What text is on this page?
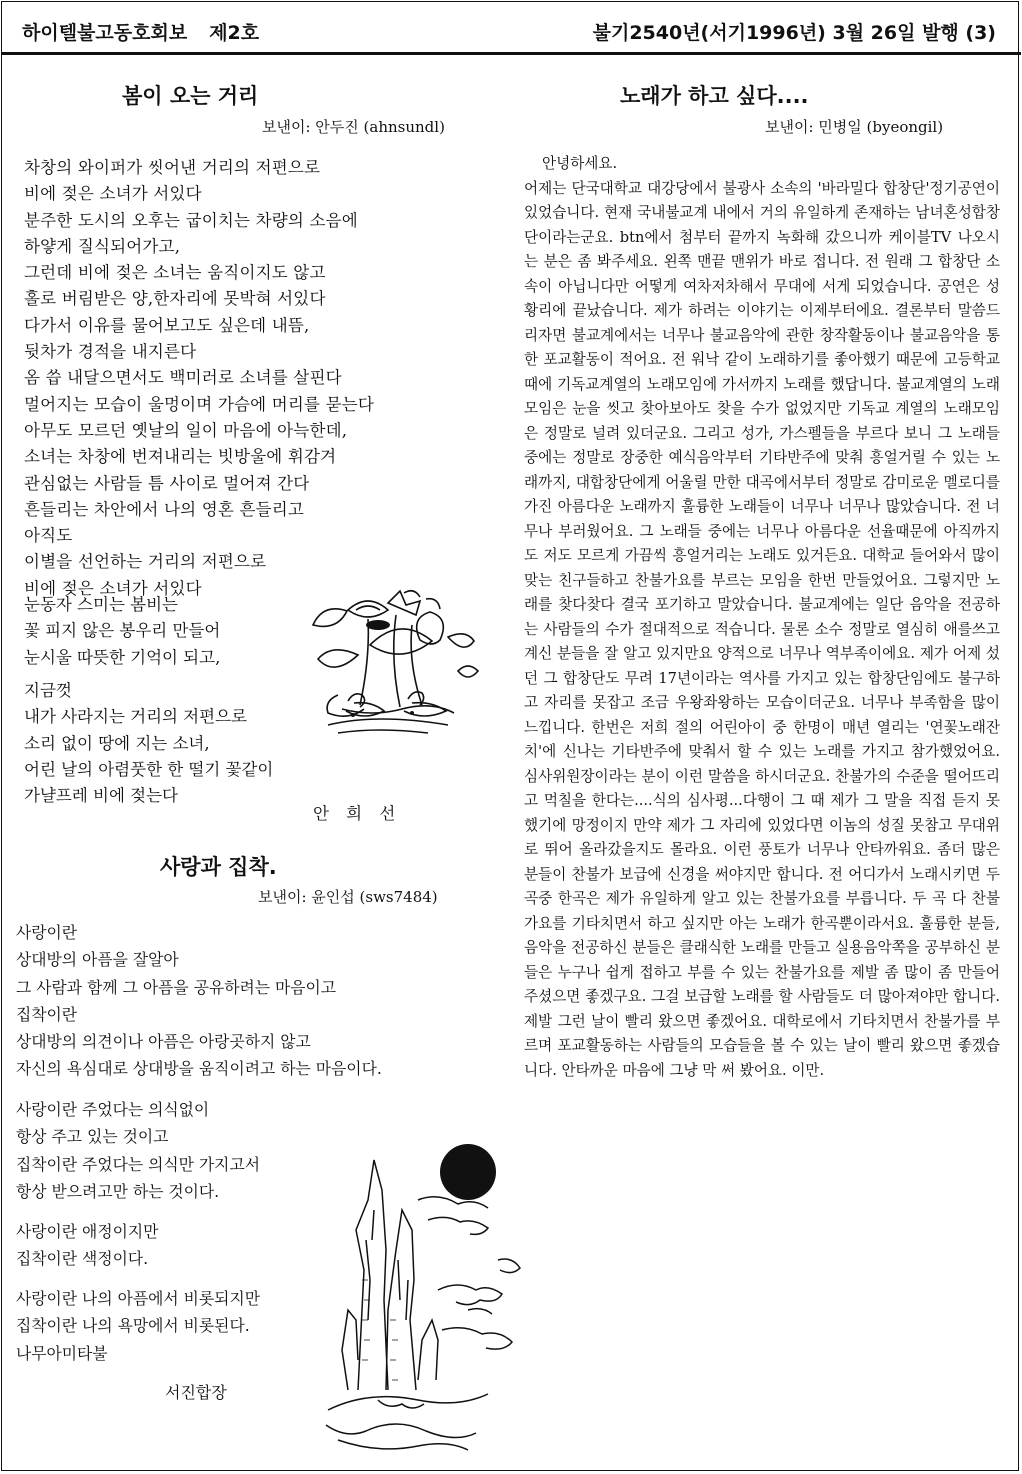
하이텔불고동호회보 제2호	불기2540년(서기1996년) 3월 26일 발행 (3)
봄이 오는 거리
보낸이: 안두진 (ahnsundl)
차창의 와이퍼가 씻어낸 거리의 저편으로
비에 젖은 소녀가 서있다
분주한 도시의 오후는 굽이치는 차량의 소음에
하얗게 질식되어가고,
그런데 비에 젖은 소녀는 움직이지도 않고
홀로 버림받은 양,한자리에 못박혀 서있다
다가서 이유를 물어보고도 싶은데 내뜸,
뒷차가 경적을 내지른다
옴 씁 내달으면서도 백미러로 소녀를 살핀다
멀어지는 모습이 울멍이며 가슴에 머리를 묻는다
아무도 모르던 옛날의 일이 마음에 아늑한데,
소녀는 차창에 번져내리는 빗방울에 휘감겨
관심없는 사람들 틈 사이로 멀어져 간다
흔들리는 차안에서 나의 영혼 흔들리고
아직도
이별을 선언하는 거리의 저편으로
비에 젖은 소녀가 서있다
눈동자 스미는 봄비는
꽃 피지 않은 봉우리 만들어
눈시울 따뜻한 기억이 되고,
지금껏
내가 사라지는 거리의 저편으로
소리 없이 땅에 지는 소녀,
어린 날의 아렴풋한 한 떨기 꽃같이
가냘프레 비에 젖는다
안 희 선
사랑과 집착.
보낸이: 윤인섭 (sws7484)
사랑이란
상대방의 아픔을 잘알아
그 사람과 함께 그 아픔을 공유하려는 마음이고
집착이란
상대방의 의견이나 아픔은 아랑곳하지 않고
자신의 욕심대로 상대방을 움직이려고 하는 마음이다.
사랑이란 주었다는 의식없이
항상 주고 있는 것이고
집착이란 주었다는 의식만 가지고서
항상 받으려고만 하는 것이다.
사랑이란 애정이지만
집착이란 색정이다.
사랑이란 나의 아픔에서 비롯되지만
집착이란 나의 욕망에서 비롯된다.
나무아미타불
서진합장
노래가 하고 싶다....
보낸이: 민병일 (byeongil)

안녕하세요.

어제는 단국대학교 대강당에서 불광사 소속의 '바라밀다 합창단'정기공연이 있었습니다. 현재 국내불교계 내에서 거의 유일하게 존재하는 남녀혼성합창단이라는군요. btn에서 첨부터 끝까지 녹화해 갔으니까 케이블TV 나오시는 분은 좀 봐주세요. 왼쪽 맨끝 맨위가 바로 접니다. 전 원래 그 합창단 소속이 아닙니다만 어떻게 여차저차해서 무대에 서게 되었습니다. 공연은 성황리에 끝났습니다. 제가 하려는 이야기는 이제부터에요. 결론부터 말씀드리자면 불교계에서는 너무나 불교음악에 관한 창작활동이나 불교음악을 통한 포교활동이 적어요. 전 워낙 같이 노래하기를 좋아했기 때문에 고등학교 때에 기독교계열의 노래모임에 가서까지 노래를 했답니다. 불교계열의 노래모임은 눈을 씻고 찾아보아도 찾을 수가 없었지만 기독교 계열의 노래모임은 정말로 널려 있더군요. 그리고 성가, 가스펠들을 부르다 보니 그 노래들 중에는 정말로 장중한 예식음악부터 기타반주에 맞춰 흥얼거릴 수 있는 노래까지, 대합창단에게 어울릴 만한 대곡에서부터 정말로 감미로운 멜로디를 가진 아름다운 노래까지 훌륭한 노래들이 너무나 너무나 많았습니다. 전 너무나 부러웠어요. 그 노래들 중에는 너무나 아름다운 선율때문에 아직까지도 저도 모르게 가끔씩 흥얼거리는 노래도 있거든요. 대학교 들어와서 많이 맞는 친구들하고 찬불가요를 부르는 모임을 한번 만들었어요. 그렇지만 노래를 찾다찾다 결국 포기하고 말았습니다. 불교계에는 일단 음악을 전공하는 사람들의 수가 절대적으로 적습니다. 물론 소수 정말로 열심히 애를쓰고 계신 분들을 잘 알고 있지만요 양적으로 너무나 역부족이에요. 제가 어제 섰던 그 합창단도 무려 17년이라는 역사를 가지고 있는 합창단임에도 불구하고 자리를 못잡고 조금 우왕좌왕하는 모습이더군요. 너무나 부족함을 많이 느낍니다. 한번은 저희 절의 어린아이 중 한명이 매년 열리는 '연꽃노래잔치'에 신나는 기타반주에 맞춰서 할 수 있는 노래를 가지고 참가했었어요. 심사위원장이라는 분이 이런 말씀을 하시더군요. 찬불가의 수준을 떨어뜨리고 먹칠을 한다는....식의 심사평...다행이 그 때 제가 그 말을 직접 듣지 못했기에 망정이지 만약 제가 그 자리에 있었다면 이놈의 성질 못참고 무대위로 뛰어 올라갔을지도 몰라요. 이런 풍토가 너무나 안타까워요. 좀더 많은 분들이 찬불가 보급에 신경을 써야지만 합니다. 전 어디가서 노래시키면 두곡중 한곡은 제가 유일하게 알고 있는 찬불가요를 부릅니다. 두 곡 다 찬불가요를 기타치면서 하고 싶지만 아는 노래가 한곡뿐이라서요. 훌륭한 분들, 음악을 전공하신 분들은 클래식한 노래를 만들고 실용음악쪽을 공부하신 분들은 누구나 쉽게 접하고 부를 수 있는 찬불가요를 제발 좀 많이 좀 만들어 주셨으면 좋겠구요. 그걸 보급할 노래를 할 사람들도 더 많아져야만 합니다. 제발 그런 날이 빨리 왔으면 좋겠어요. 대학로에서 기타치면서 찬불가를 부르며 포교활동하는 사람들의 모습들을 볼 수 있는 날이 빨리 왔으면 좋겠습니다. 안타까운 마음에 그냥 막 써 봤어요. 이만.
